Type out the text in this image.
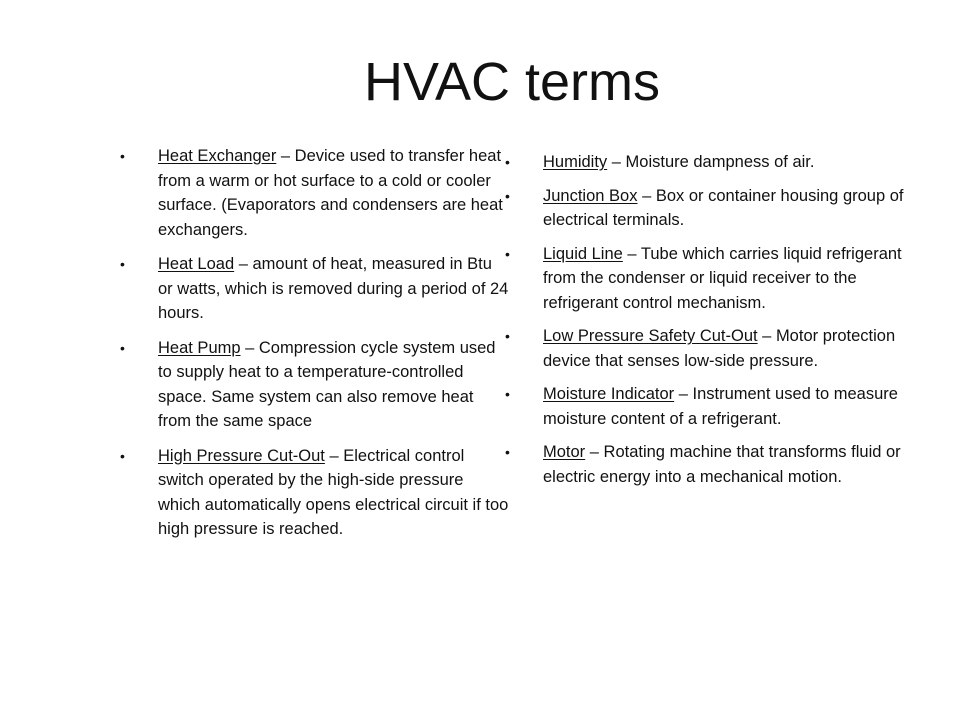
HVAC terms
• Heat Exchanger – Device used to transfer heat from a warm or hot surface to a cold or cooler surface. (Evaporators and condensers are heat exchangers.
• Heat Load – amount of heat, measured in Btu or watts, which is removed during a period of 24 hours.
• Heat Pump – Compression cycle system used to supply heat to a temperature-controlled space. Same system can also remove heat from the same space
• High Pressure Cut-Out – Electrical control switch operated by the high-side pressure which automatically opens electrical circuit if too high pressure is reached.
• Humidity – Moisture dampness of air.
• Junction Box – Box or container housing group of electrical terminals.
• Liquid Line – Tube which carries liquid refrigerant from the condenser or liquid receiver to the refrigerant control mechanism.
• Low Pressure Safety Cut-Out – Motor protection device that senses low-side pressure.
• Moisture Indicator – Instrument used to measure moisture content of a refrigerant.
• Motor – Rotating machine that transforms fluid or electric energy into a mechanical motion.
